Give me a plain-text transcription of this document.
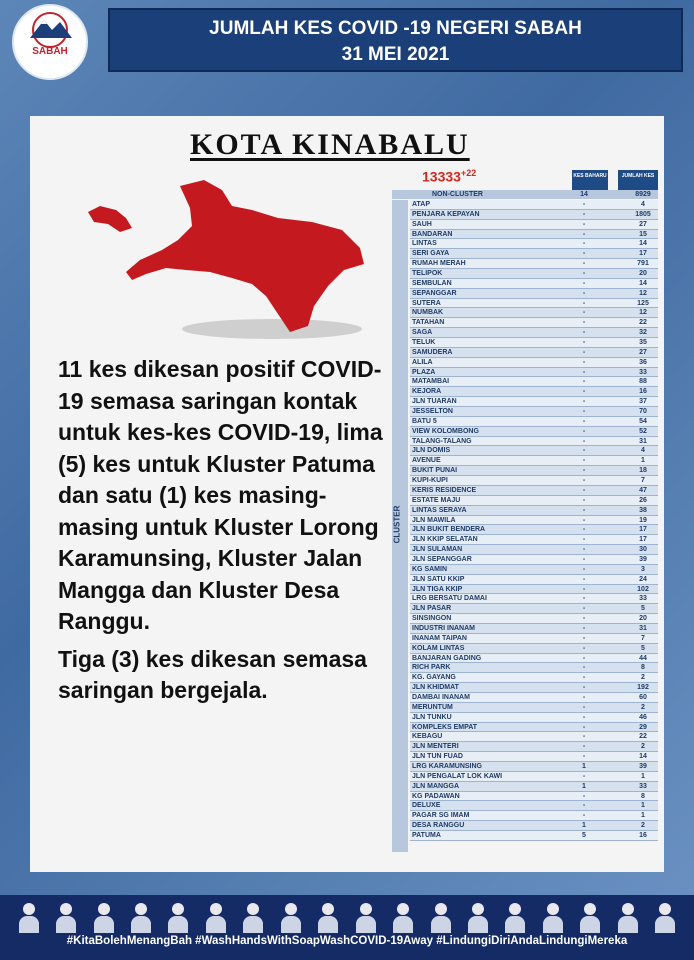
SABAH
JUMLAH KES COVID -19 NEGERI SABAH
31 MEI 2021
KOTA KINABALU
$13333^{+22}$

11 kes dikesan positif COVID-19 semasa saringan kontak untuk kes-kes COVID-19, lima (5) kes untuk Kluster Patuma dan satu (1) kes masing-masing untuk Kluster Lorong Karamunsing, Kluster Jalan Mangga dan Kluster Desa Ranggu.

Tiga (3) kes dikesan semasa saringan bergejala.

KES BAHARU	JUMLAH KES
NON-CLUSTER	14	8929
CLUSTER
ATAP	-	4
PENJARA KEPAYAN	-	1805
SAUH	-	27
BANDARAN	-	15
LINTAS	-	14
SERI GAYA	-	17
RUMAH MERAH	-	791
TELIPOK	-	20
SEMBULAN	-	14
SEPANGGAR	-	12
SUTERA	-	125
NUMBAK	-	12
TATAHAN	-	22
SAGA	-	32
TELUK	-	35
SAMUDERA	-	27
ALILA	-	36
PLAZA	-	33
MATAMBAI	-	88
KEJORA	-	16
JLN TUARAN	-	37
JESSELTON	-	70
BATU 5	-	54
VIEW KOLOMBONG	-	52
TALANG-TALANG	-	31
JLN DOMIS	-	4
AVENUE	-	1
BUKIT PUNAI	-	18
KUPI-KUPI	-	7
KERIS RESIDENCE	-	47
ESTATE MAJU	-	26
LINTAS SERAYA	-	38
JLN MAWILA	-	19
JLN BUKIT BENDERA	-	17
JLN KKIP SELATAN	-	17
JLN SULAMAN	-	30
JLN SEPANGGAR	-	39
KG SAMIN	-	3
JLN SATU KKIP	-	24
JLN TIGA KKIP	-	102
LRG BERSATU DAMAI	-	33
JLN PASAR	-	5
SINSINGON	-	20
INDUSTRI INANAM	-	31
INANAM TAIPAN	-	7
KOLAM LINTAS	-	5
BANJARAN GADING	-	44
RICH PARK	-	8
KG. GAYANG	-	2
JLN KHIDMAT	-	192
DAMBAI INANAM	-	60
MERUNTUM	-	2
JLN TUNKU	-	46
KOMPLEKS EMPAT	-	29
KEBAGU	-	22
JLN MENTERI	-	2
JLN TUN FUAD	-	14
LRG KARAMUNSING	1	39
JLN PENGALAT LOK KAWI	-	1
JLN MANGGA	1	33
KG PADAWAN	-	8
DELUXE	-	1
PAGAR SG IMAM	-	1
DESA RANGGU	1	2
PATUMA	5	16
#KitaBolehMenangBah #WashHandsWithSoapWashCOVID-19Away #LindungiDiriAndaLindungiMereka
